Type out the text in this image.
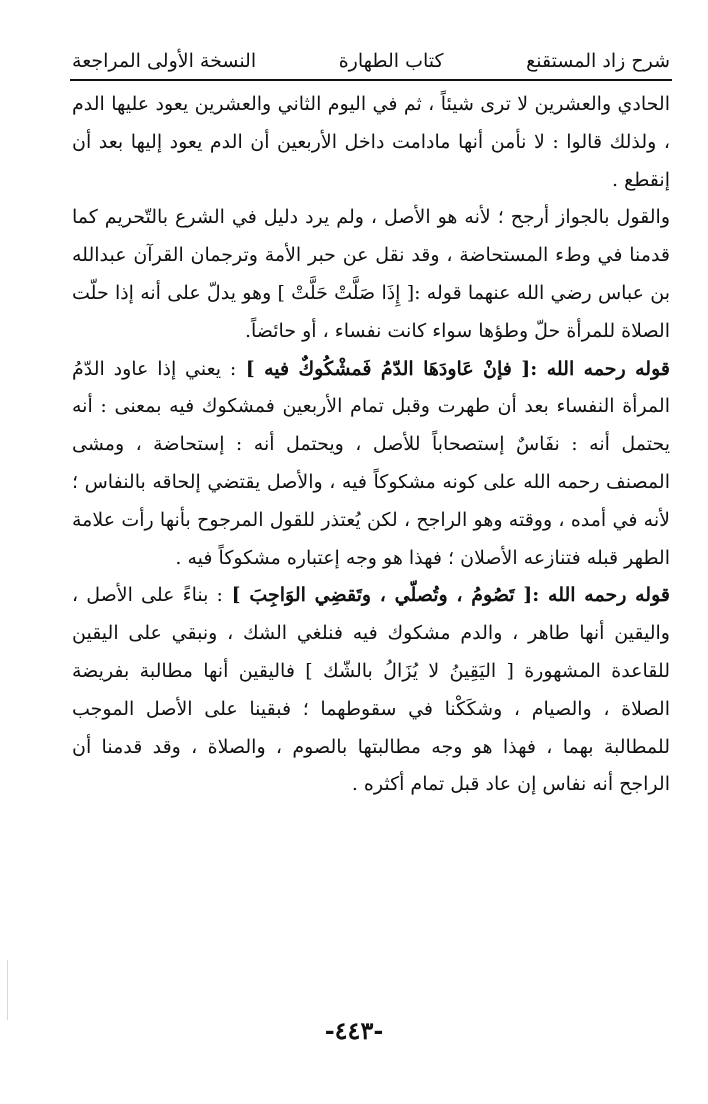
شرح زاد المستقنع
كتاب الطهارة
النسخة الأولى المراجعة

الحادي والعشرين لا ترى شيئاً ، ثم في اليوم الثاني والعشرين يعود عليها الدم ، ولذلك قالوا : لا نأمن أنها مادامت داخل الأربعين أن الدم يعود إليها بعد أن إنقطع .

والقول بالجواز أرجح ؛ لأنه هو الأصل ، ولم يرد دليل في الشرع بالتّحريم كما قدمنا في وطء المستحاضة ، وقد نقل عن حبر الأمة وترجمان القرآن عبدالله بن عباس رضي الله عنهما قوله :[ إِذَا صَلَّتْ حَلَّتْ ] وهو يدلّ على أنه إذا حلّت الصلاة للمرأة حلّ وطؤها سواء كانت نفساء ، أو حائضاً.

قوله رحمه الله :[ فإنْ عَاودَهَا الدّمُ فَمشْكُوكٌ فيه ] : يعني إذا عاود الدّمُ المرأة النفساء بعد أن طهرت وقبل تمام الأربعين فمشكوك فيه بمعنى : أنه يحتمل أنه : نفَاسٌ إستصحاباً للأصل ، ويحتمل أنه : إستحاضة ، ومشى المصنف رحمه الله على كونه مشكوكاً فيه ، والأصل يقتضي إلحاقه بالنفاس ؛ لأنه في أمده ، ووقته وهو الراجح ، لكن يُعتذر للقول المرجوح بأنها رأت علامة الطهر قبله فتنازعه الأصلان ؛ فهذا هو وجه إعتباره مشكوكاً فيه .

قوله رحمه الله :[ تَصُومُ ، وتُصلّي ، وتَقضِي الوَاجِبَ ] : بناءً على الأصل ، واليقين أنها طاهر ، والدم مشكوك فيه فنلغي الشك ، ونبقي على اليقين للقاعدة المشهورة [ اليَقِينُ لا يُزَالُ بالشّك ] فاليقين أنها مطالبة بفريضة الصلاة ، والصيام ، وشكَكْنا في سقوطهما ؛ فبقينا على الأصل الموجب للمطالبة بهما ، فهذا هو وجه مطالبتها بالصوم ، والصلاة ، وقد قدمنا أن الراجح أنه نفاس إن عاد قبل تمام أكثره .

-٤٤٣-
